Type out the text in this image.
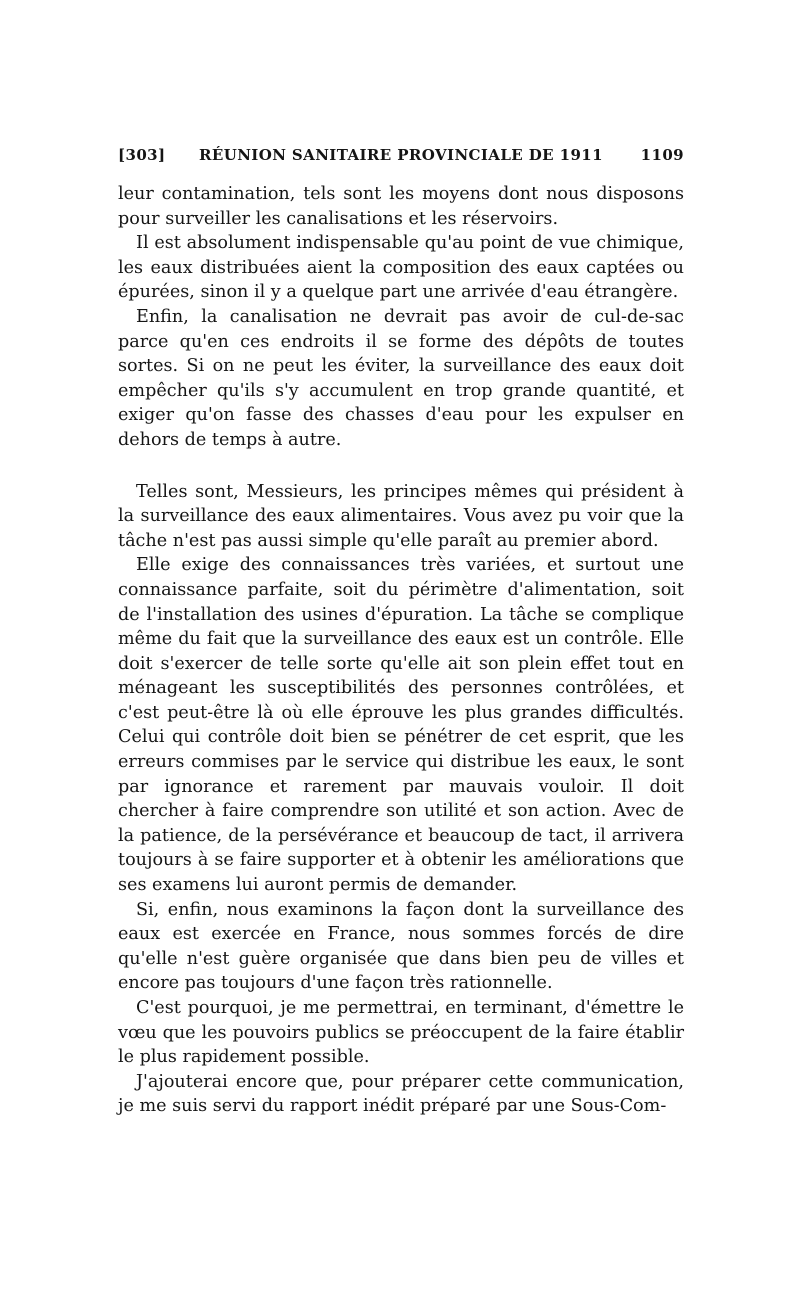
[303]	RÉUNION SANITAIRE PROVINCIALE DE 1911	1109

leur contamination, tels sont les moyens dont nous disposons pour surveiller les canalisations et les réservoirs.

Il est absolument indispensable qu'au point de vue chimique, les eaux distribuées aient la composition des eaux captées ou épurées, sinon il y a quelque part une arrivée d'eau étrangère.

Enfin, la canalisation ne devrait pas avoir de cul-de-sac parce qu'en ces endroits il se forme des dépôts de toutes sortes. Si on ne peut les éviter, la surveillance des eaux doit empêcher qu'ils s'y accumulent en trop grande quantité, et exiger qu'on fasse des chasses d'eau pour les expulser en dehors de temps à autre.

Telles sont, Messieurs, les principes mêmes qui président à la surveillance des eaux alimentaires. Vous avez pu voir que la tâche n'est pas aussi simple qu'elle paraît au premier abord.

Elle exige des connaissances très variées, et surtout une connaissance parfaite, soit du périmètre d'alimentation, soit de l'installation des usines d'épuration. La tâche se complique même du fait que la surveillance des eaux est un contrôle. Elle doit s'exercer de telle sorte qu'elle ait son plein effet tout en ménageant les susceptibilités des personnes contrôlées, et c'est peut-être là où elle éprouve les plus grandes difficultés. Celui qui contrôle doit bien se pénétrer de cet esprit, que les erreurs commises par le service qui distribue les eaux, le sont par ignorance et rarement par mauvais vouloir. Il doit chercher à faire comprendre son utilité et son action. Avec de la patience, de la persévérance et beaucoup de tact, il arrivera toujours à se faire supporter et à obtenir les améliorations que ses examens lui auront permis de demander.

Si, enfin, nous examinons la façon dont la surveillance des eaux est exercée en France, nous sommes forcés de dire qu'elle n'est guère organisée que dans bien peu de villes et encore pas toujours d'une façon très rationnelle.

C'est pourquoi, je me permettrai, en terminant, d'émettre le vœu que les pouvoirs publics se préoccupent de la faire établir le plus rapidement possible.

J'ajouterai encore que, pour préparer cette communication, je me suis servi du rapport inédit préparé par une Sous-Com-
